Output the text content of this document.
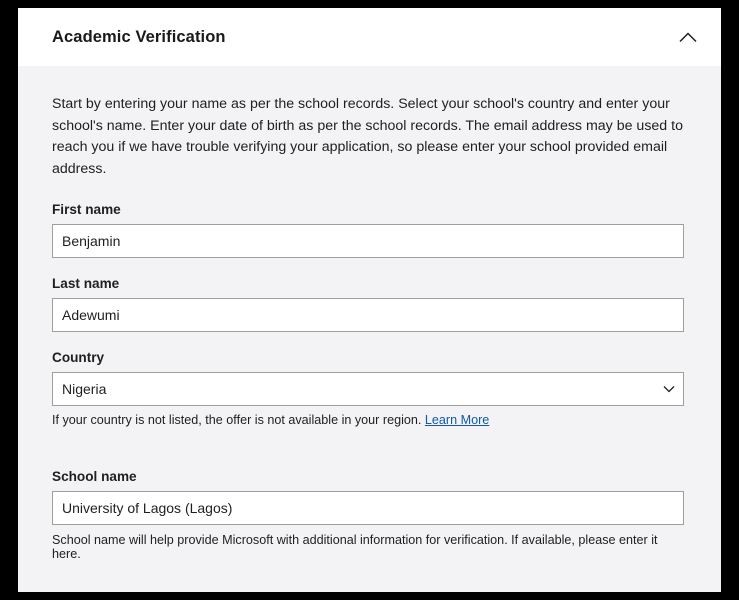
Academic Verification

Start by entering your name as per the school records. Select your school's country and enter your school's name. Enter your date of birth as per the school records. The email address may be used to reach you if we have trouble verifying your application, so please enter your school provided email address.

First name
Benjamin
Last name
Adewumi
Country
Nigeria
If your country is not listed, the offer is not available in your region. Learn More
School name
University of Lagos (Lagos)
School name will help provide Microsoft with additional information for verification. If available, please enter it here.
